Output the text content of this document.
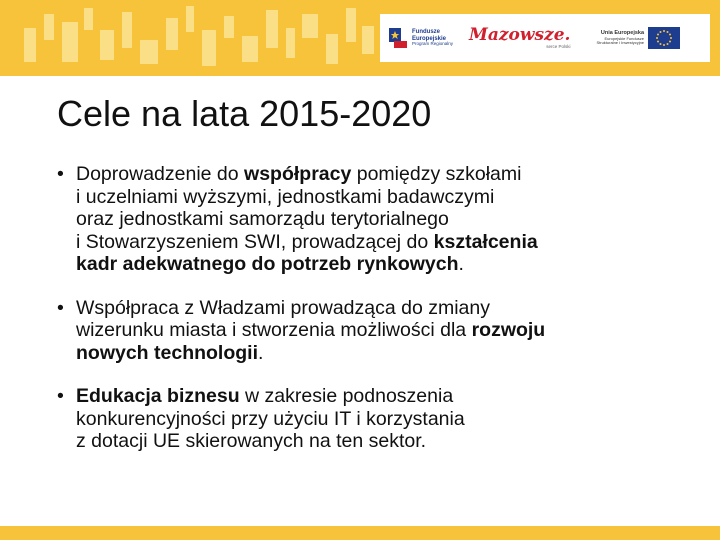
Fundusze
Europejskie
Program Regionalny Mazowsze.
serce Polski
Unia Europejska
Europejskie Fundusze
Strukturalne i Inwestycyjne
Cele na lata 2015-2020
• Doprowadzenie do współpracy pomiędzy szkołami
i uczelniami wyższymi, jednostkami badawczymi
oraz jednostkami samorządu terytorialnego
i Stowarzyszeniem SWI, prowadzącej do kształcenia
kadr adekwatnego do potrzeb rynkowych.
• Współpraca z Władzami prowadząca do zmiany
wizerunku miasta i stworzenia możliwości dla rozwoju
nowych technologii.
• Edukacja biznesu w zakresie podnoszenia
konkurencyjności przy użyciu IT i korzystania
z dotacji UE skierowanych na ten sektor.
